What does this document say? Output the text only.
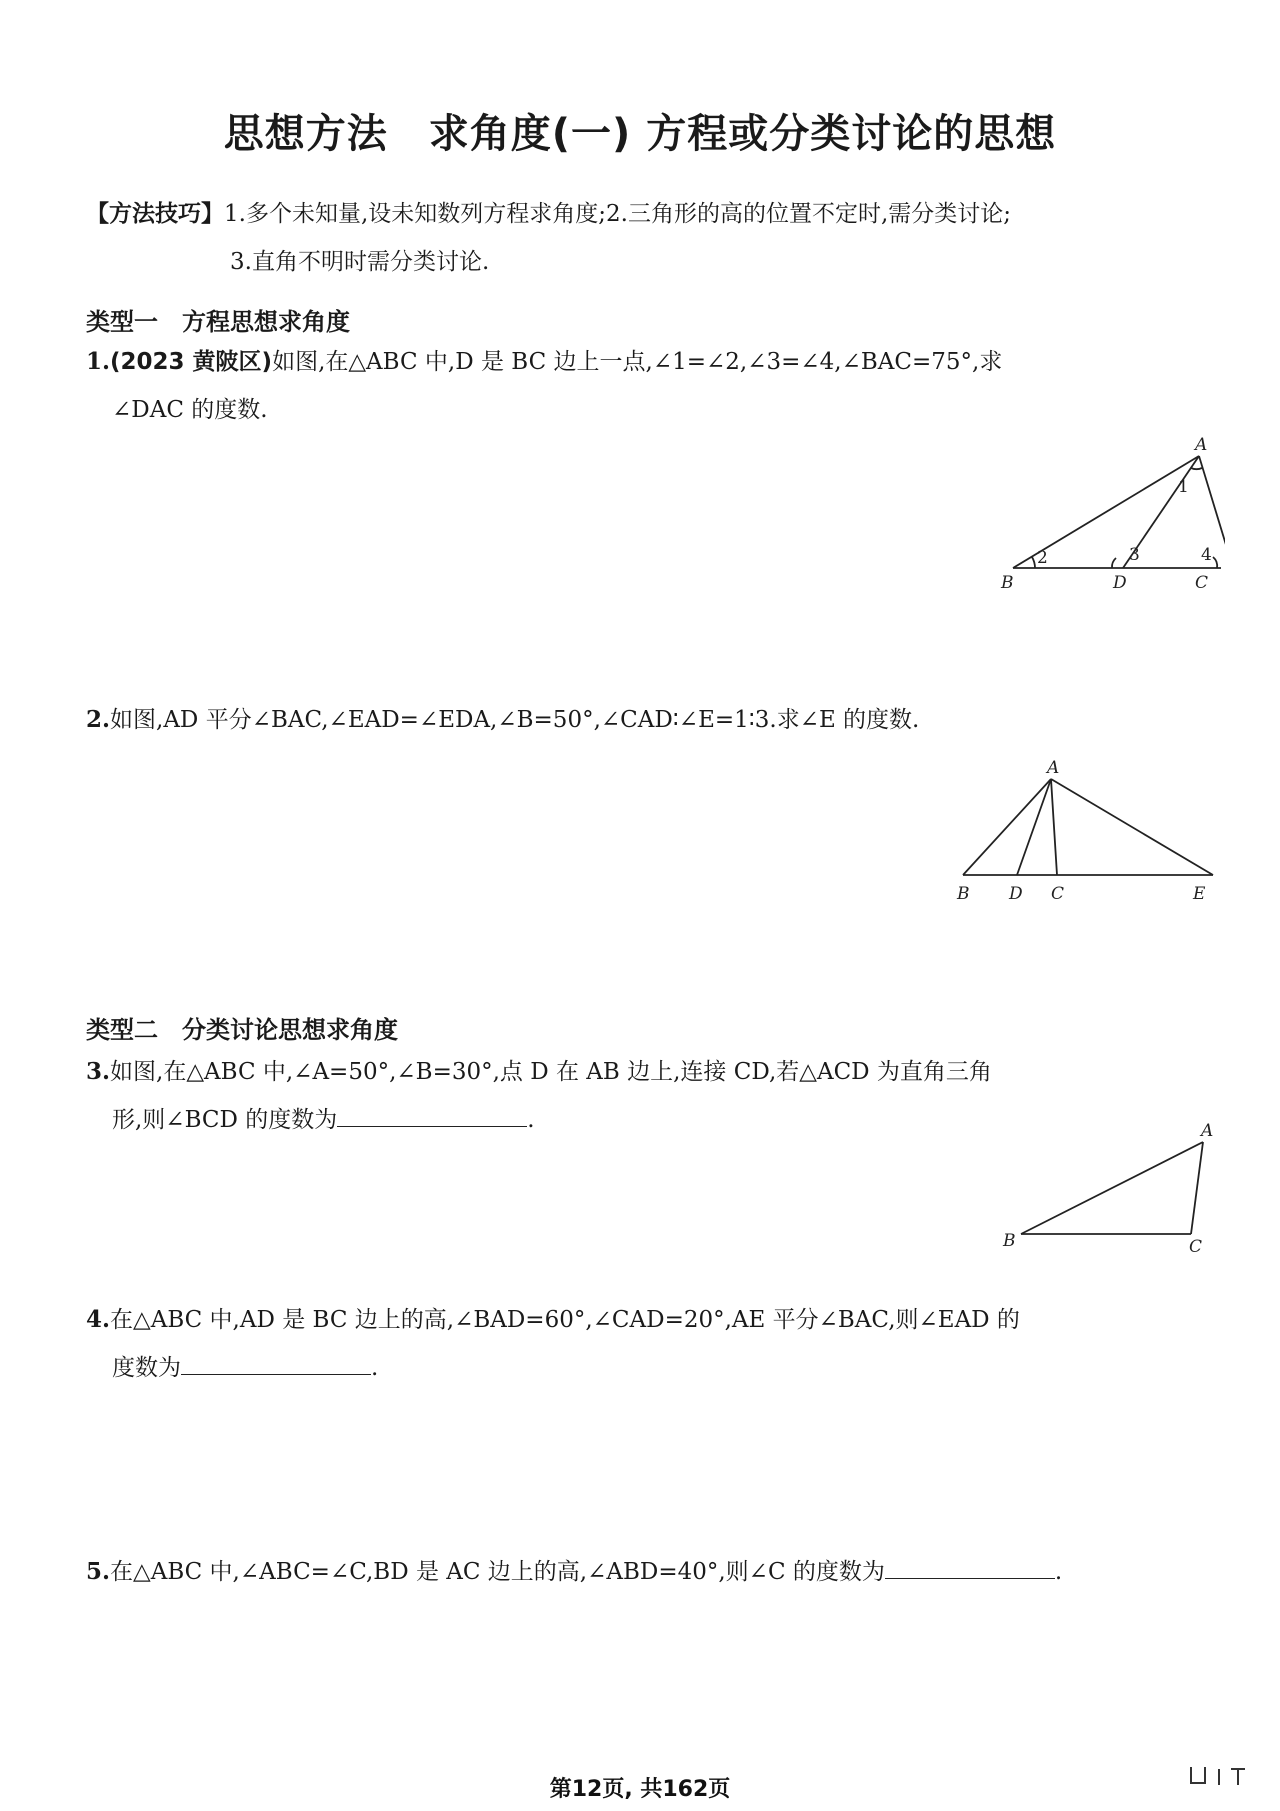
思想方法　求角度(一) 方程或分类讨论的思想
【方法技巧】1.多个未知量,设未知数列方程求角度;2.三角形的高的位置不定时,需分类讨论;
3.直角不明时需分类讨论.
类型一　方程思想求角度
1.(2023 黄陂区)如图,在△ABC 中,D 是 BC 边上一点,∠1=∠2,∠3=∠4,∠BAC=75°,求
∠DAC 的度数.
A
B	C
D
1
2	3	4
2.如图,AD 平分∠BAC,∠EAD=∠EDA,∠B=50°,∠CAD∶∠E=1∶3.求∠E 的度数.
A
B D C	E
类型二　分类讨论思想求角度
3.如图,在△ABC 中,∠A=50°,∠B=30°,点 D 在 AB 边上,连接 CD,若△ACD 为直角三角
形,则∠BCD 的度数为	.	A
B	C
4.在△ABC 中,AD 是 BC 边上的高,∠BAD=60°,∠CAD=20°,AE 平分∠BAC,则∠EAD 的
度数为	.
5.在△ABC 中,∠ABC=∠C,BD 是 AC 边上的高,∠ABD=40°,则∠C 的度数为	.
第12页, 共162页
